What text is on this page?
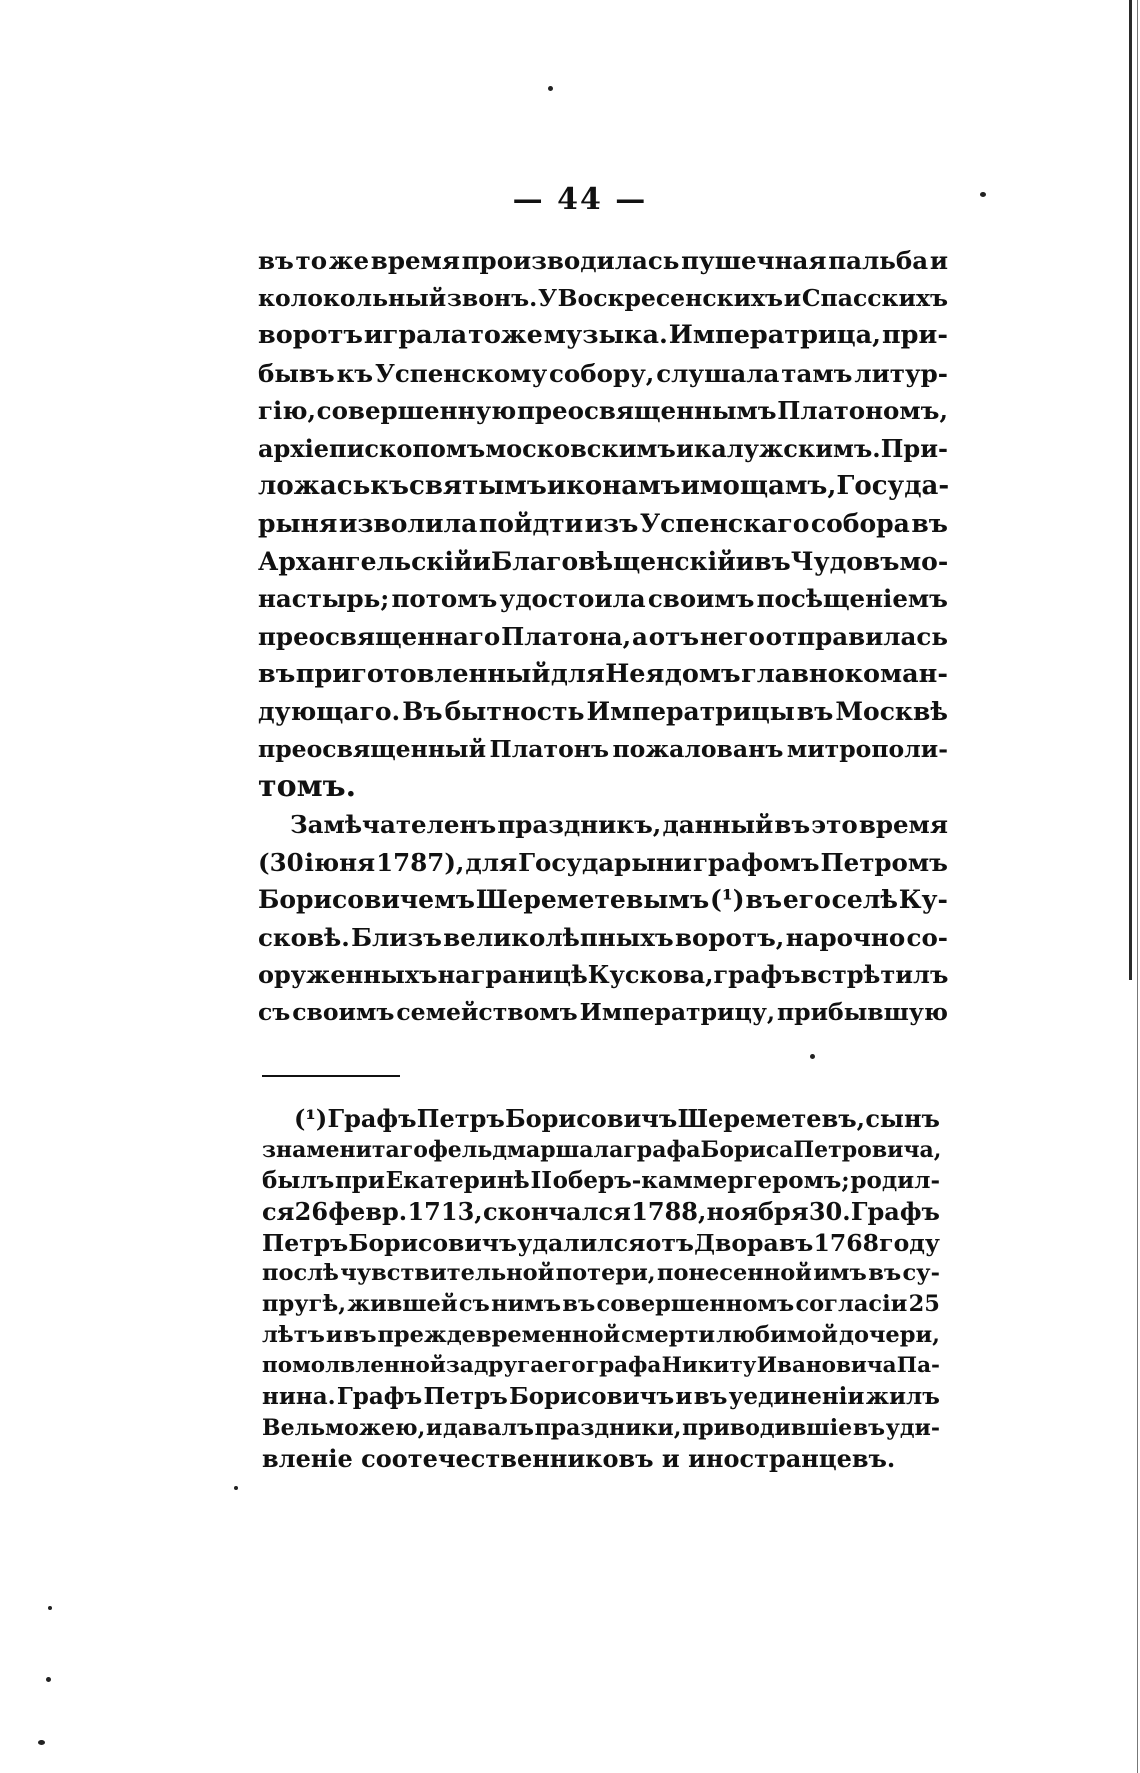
— 44 —
въ то же время производилась пушечная пальба и
колокольный звонъ. У Воскресенскихъ и Спасскихъ
воротъ играла тоже музыка. Императрица, при-
бывъ къ Успенскому собору, слушала тамъ литур-
гію, совершенную преосвященнымъ Платономъ,
архіепископомъ московскимъ и калужскимъ. При-
ложась къ святымъ иконамъ и мощамъ, Госуда-
рыня изволила пойдти изъ Успенскаго собора въ
Архангельскій и Благовѣщенскій и въ Чудовъ мо-
настырь; потомъ удостоила своимъ посѣщеніемъ
преосвященнаго Платона, а отъ него отправилась
въ приготовленный для Нея домъ главнокоман-
дующаго. Въ бытность Императрицы въ Москвѣ
преосвященный Платонъ пожалованъ митрополи-
томъ.
Замѣчателенъ праздникъ, данный въ это время
(30 іюня 1787), для Государыни графомъ Петромъ
Борисовичемъ Шереметевымъ (¹) въ его селѣ Ку-
сковѣ. Близъ великолѣпныхъ воротъ, нарочно со-
оруженныхъ на границѣ Кускова, графъ встрѣтилъ
съ своимъ семействомъ Императрицу, прибывшую
(¹) Графъ Петръ Борисовичъ Шереметевъ, сынъ
знаменитаго фельдмаршала графа Бориса Петровича,
былъ при Екатеринѣ II оберъ-каммергеромъ; родил-
ся 26 февр. 1713, скончался 1788, ноября 30. Графъ
Петръ Борисовичъ удалился отъ Двора въ 1768 году
послѣ чувствительной потери, понесенной имъ въ су-
пругѣ, жившей съ нимъ въ совершенномъ согласіи 25
лѣтъ и въ преждевременной смерти любимой дочери,
помолвленной за друга его графа Никиту Ивановича Па-
нина. Графъ Петръ Борисовичъ и въ уединеніи жилъ
Вельможею, и давалъ праздники, приводившіе въ уди-
вленіе соотечественниковъ и иностранцевъ.
